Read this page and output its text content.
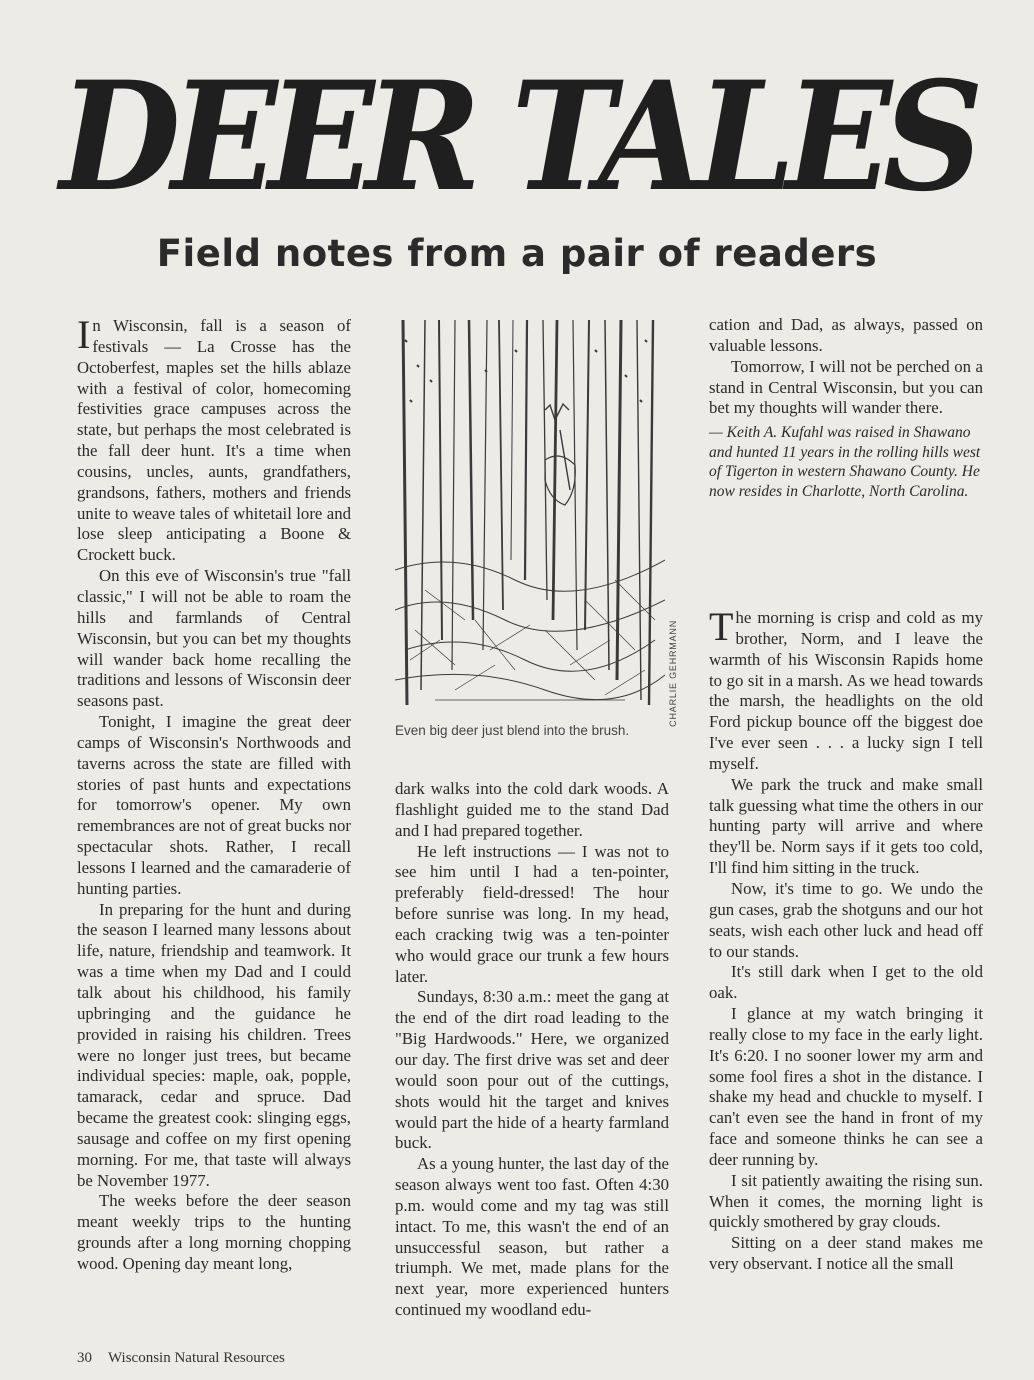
DEER TALES
Field notes from a pair of readers

In Wisconsin, fall is a season of festivals — La Crosse has the Octoberfest, maples set the hills ablaze with a festival of color, homecoming festivities grace campuses across the state, but perhaps the most celebrated is the fall deer hunt. It's a time when cousins, uncles, aunts, grandfathers, grandsons, fathers, mothers and friends unite to weave tales of whitetail lore and lose sleep anticipating a Boone & Crockett buck.

On this eve of Wisconsin's true "fall classic," I will not be able to roam the hills and farmlands of Central Wisconsin, but you can bet my thoughts will wander back home recalling the traditions and lessons of Wisconsin deer seasons past.

Tonight, I imagine the great deer camps of Wisconsin's Northwoods and taverns across the state are filled with stories of past hunts and expectations for tomorrow's opener. My own remembrances are not of great bucks nor spectacular shots. Rather, I recall lessons I learned and the camaraderie of hunting parties.

In preparing for the hunt and during the season I learned many lessons about life, nature, friendship and teamwork. It was a time when my Dad and I could talk about his childhood, his family upbringing and the guidance he provided in raising his children. Trees were no longer just trees, but became individual species: maple, oak, popple, tamarack, cedar and spruce. Dad became the greatest cook: slinging eggs, sausage and coffee on my first opening morning. For me, that taste will always be November 1977.

The weeks before the deer season meant weekly trips to the hunting grounds after a long morning chopping wood. Opening day meant long,

CHARLIE GEHRMANN
Even big deer just blend into the brush.

dark walks into the cold dark woods. A flashlight guided me to the stand Dad and I had prepared together.

He left instructions — I was not to see him until I had a ten-pointer, preferably field-dressed! The hour before sunrise was long. In my head, each cracking twig was a ten-pointer who would grace our trunk a few hours later.

Sundays, 8:30 a.m.: meet the gang at the end of the dirt road leading to the "Big Hardwoods." Here, we organized our day. The first drive was set and deer would soon pour out of the cuttings, shots would hit the target and knives would part the hide of a hearty farmland buck.

As a young hunter, the last day of the season always went too fast. Often 4:30 p.m. would come and my tag was still intact. To me, this wasn't the end of an unsuccessful season, but rather a triumph. We met, made plans for the next year, more experienced hunters continued my woodland edu-

cation and Dad, as always, passed on valuable lessons.

Tomorrow, I will not be perched on a stand in Central Wisconsin, but you can bet my thoughts will wander there.

— Keith A. Kufahl was raised in Shawano and hunted 11 years in the rolling hills west of Tigerton in western Shawano County. He now resides in Charlotte, North Carolina.

The morning is crisp and cold as my brother, Norm, and I leave the warmth of his Wisconsin Rapids home to go sit in a marsh. As we head towards the marsh, the headlights on the old Ford pickup bounce off the biggest doe I've ever seen . . . a lucky sign I tell myself.

We park the truck and make small talk guessing what time the others in our hunting party will arrive and where they'll be. Norm says if it gets too cold, I'll find him sitting in the truck.

Now, it's time to go. We undo the gun cases, grab the shotguns and our hot seats, wish each other luck and head off to our stands.

It's still dark when I get to the old oak.

I glance at my watch bringing it really close to my face in the early light. It's 6:20. I no sooner lower my arm and some fool fires a shot in the distance. I shake my head and chuckle to myself. I can't even see the hand in front of my face and someone thinks he can see a deer running by.

I sit patiently awaiting the rising sun. When it comes, the morning light is quickly smothered by gray clouds.

Sitting on a deer stand makes me very observant. I notice all the small

30 Wisconsin Natural Resources
